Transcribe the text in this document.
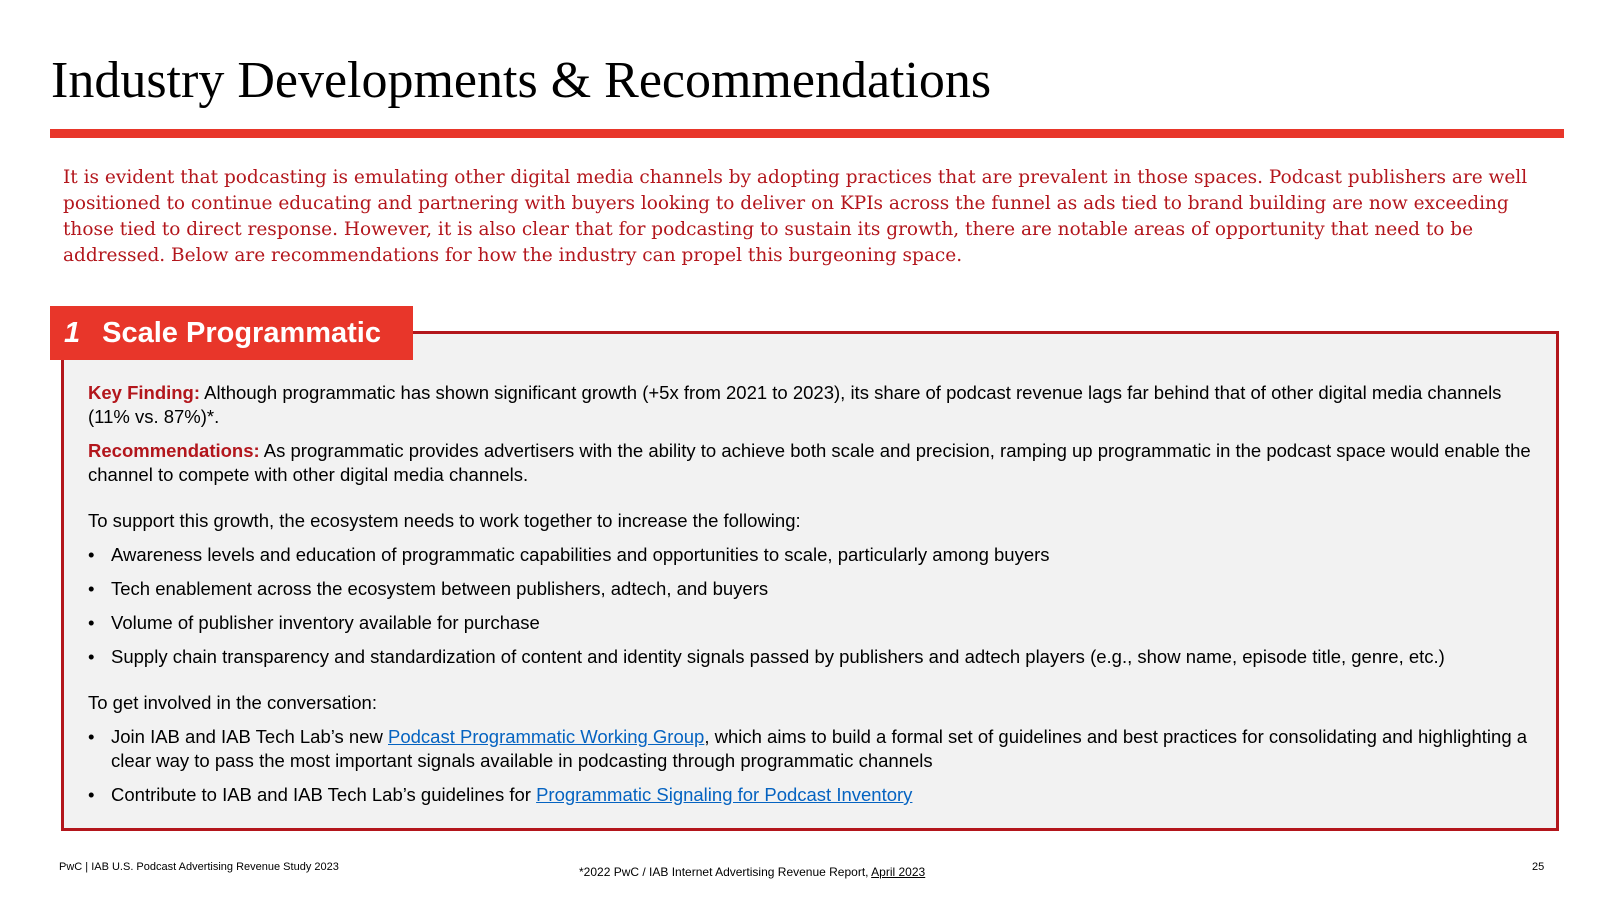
Industry Developments & Recommendations
It is evident that podcasting is emulating other digital media channels by adopting practices that are prevalent in those spaces. Podcast publishers are well positioned to continue educating and partnering with buyers looking to deliver on KPIs across the funnel as ads tied to brand building are now exceeding those tied to direct response. However, it is also clear that for podcasting to sustain its growth, there are notable areas of opportunity that need to be addressed. Below are recommendations for how the industry can propel this burgeoning space.

Key Finding: Although programmatic has shown significant growth (+5x from 2021 to 2023), its share of podcast revenue lags far behind that of other digital media channels (11% vs. 87%)*.

Recommendations: As programmatic provides advertisers with the ability to achieve both scale and precision, ramping up programmatic in the podcast space would enable the channel to compete with other digital media channels.

To support this growth, the ecosystem needs to work together to increase the following:

• Awareness levels and education of programmatic capabilities and opportunities to scale, particularly among buyers
• Tech enablement across the ecosystem between publishers, adtech, and buyers
• Volume of publisher inventory available for purchase
• Supply chain transparency and standardization of content and identity signals passed by publishers and adtech players (e.g., show name, episode title, genre, etc.)

To get involved in the conversation:

• Join IAB and IAB Tech Lab’s new Podcast Programmatic Working Group, which aims to build a formal set of guidelines and best practices for consolidating and highlighting a clear way to pass the most important signals available in podcasting through programmatic channels
• Contribute to IAB and IAB Tech Lab’s guidelines for Programmatic Signaling for Podcast Inventory
1 Scale Programmatic
PwC | IAB U.S. Podcast Advertising Revenue Study 2023	*2022 PwC / IAB Internet Advertising Revenue Report, April 2023	25
